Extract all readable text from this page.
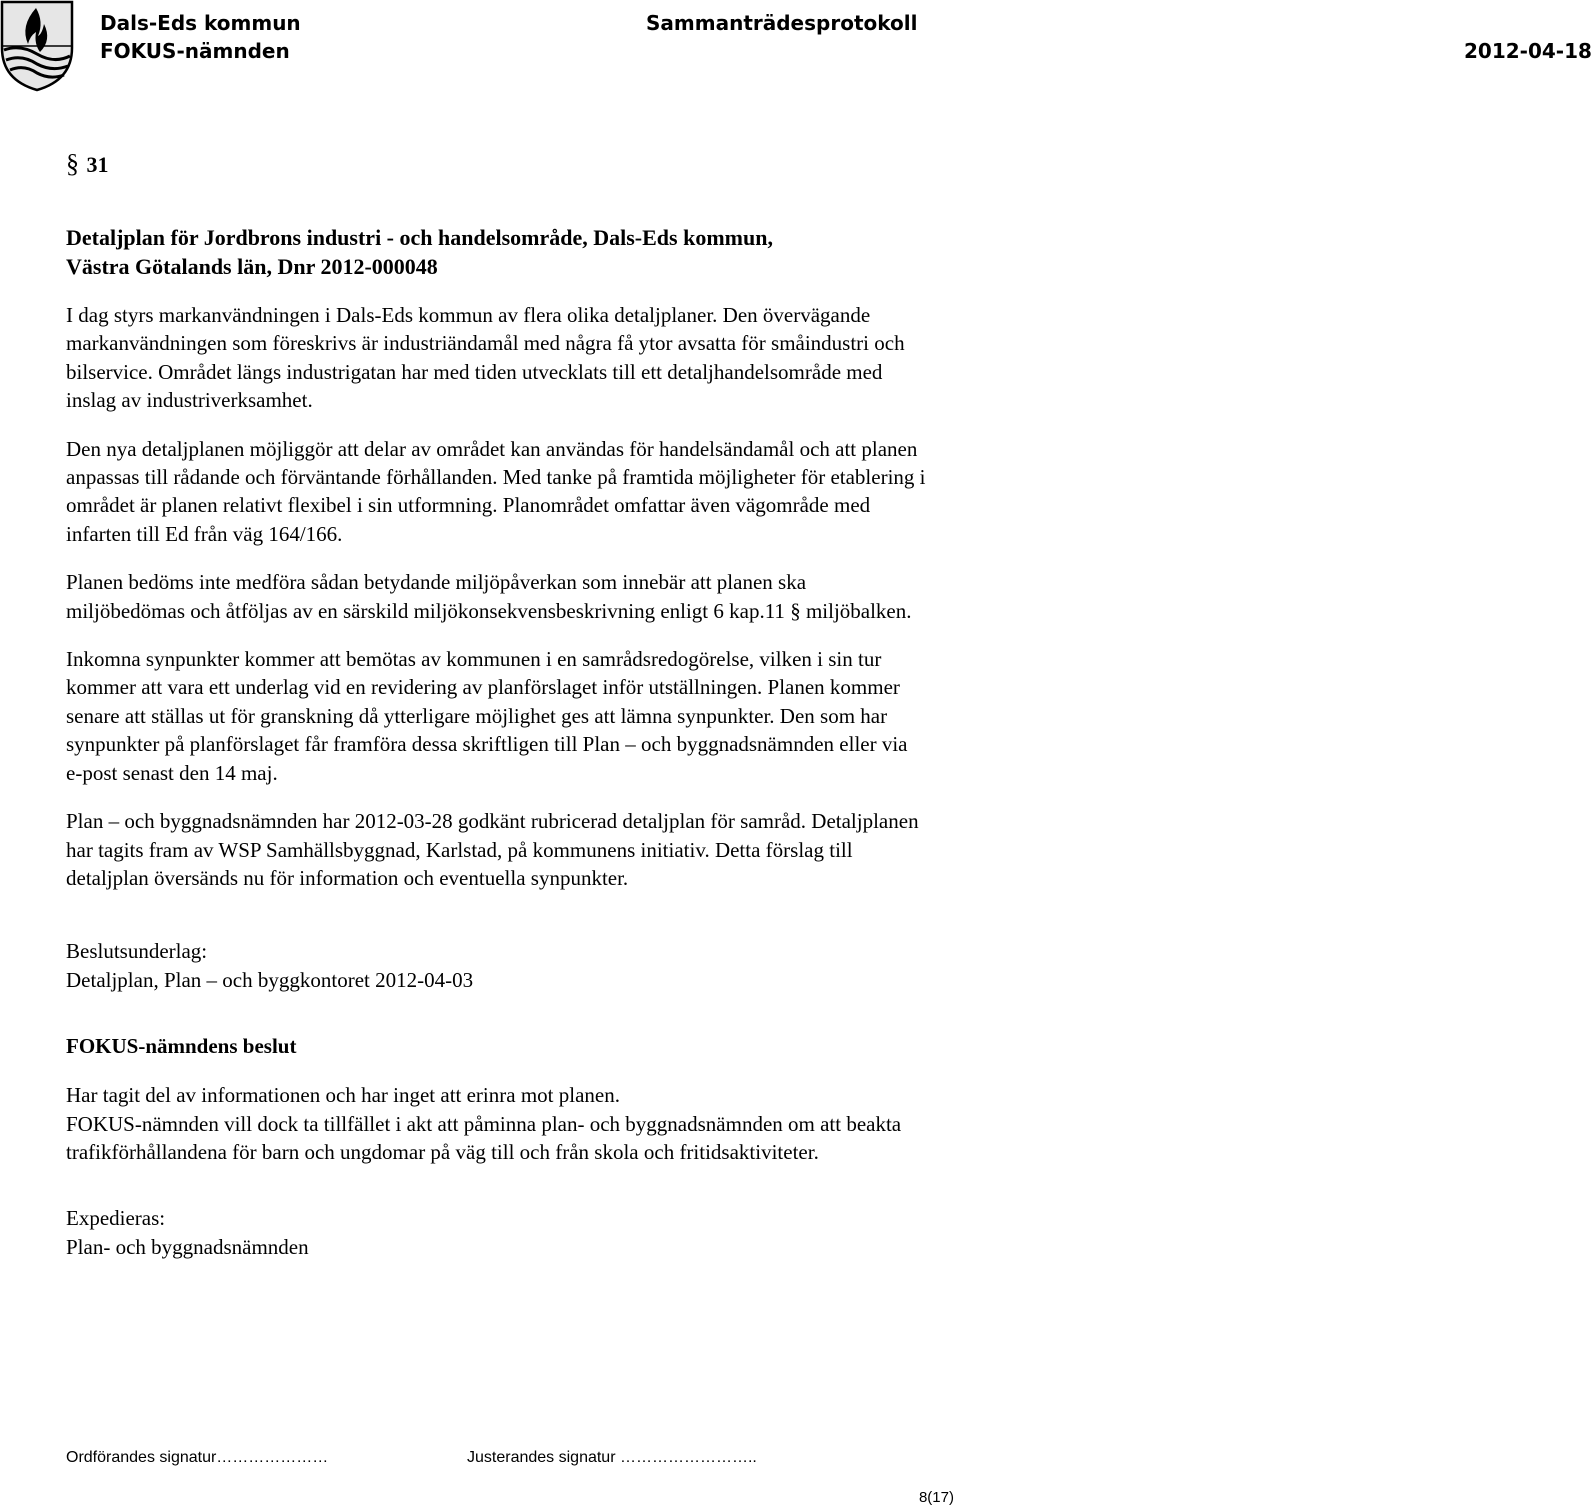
Dals-Eds kommun
FOKUS-nämnden
Sammanträdesprotokoll
2012-04-18
§ 31
Detaljplan för Jordbrons industri - och handelsområde, Dals-Eds kommun,
Västra Götalands län, Dnr 2012-000048

I dag styrs markanvändningen i Dals-Eds kommun av flera olika detaljplaner. Den övervägande markanvändningen som föreskrivs är industriändamål med några få ytor avsatta för småindustri och bilservice. Området längs industrigatan har med tiden utvecklats till ett detaljhandelsområde med inslag av industriverksamhet.

Den nya detaljplanen möjliggör att delar av området kan användas för handelsändamål och att planen anpassas till rådande och förväntande förhållanden. Med tanke på framtida möjligheter för etablering i området är planen relativt flexibel i sin utformning. Planområdet omfattar även vägområde med infarten till Ed från väg 164/166.

Planen bedöms inte medföra sådan betydande miljöpåverkan som innebär att planen ska miljöbedömas och åtföljas av en särskild miljökonsekvensbeskrivning enligt 6 kap.11 § miljöbalken.

Inkomna synpunkter kommer att bemötas av kommunen i en samrådsredogörelse, vilken i sin tur kommer att vara ett underlag vid en revidering av planförslaget inför utställningen. Planen kommer senare att ställas ut för granskning då ytterligare möjlighet ges att lämna synpunkter. Den som har synpunkter på planförslaget får framföra dessa skriftligen till Plan – och byggnadsnämnden eller via e-post senast den 14 maj.

Plan – och byggnadsnämnden har 2012-03-28 godkänt rubricerad detaljplan för samråd. Detaljplanen har tagits fram av WSP Samhällsbyggnad, Karlstad, på kommunens initiativ. Detta förslag till detaljplan översänds nu för information och eventuella synpunkter.

Beslutsunderlag:
Detaljplan, Plan – och byggkontoret 2012-04-03
FOKUS-nämndens beslut
Har tagit del av informationen och har inget att erinra mot planen.
FOKUS-nämnden vill dock ta tillfället i akt att påminna plan- och byggnadsnämnden om att beakta trafikförhållandena för barn och ungdomar på väg till och från skola och fritidsaktiviteter.
Expedieras:
Plan- och byggnadsnämnden
Ordförandes signatur…………………	Justerandes signatur ……………………..
8(17)
